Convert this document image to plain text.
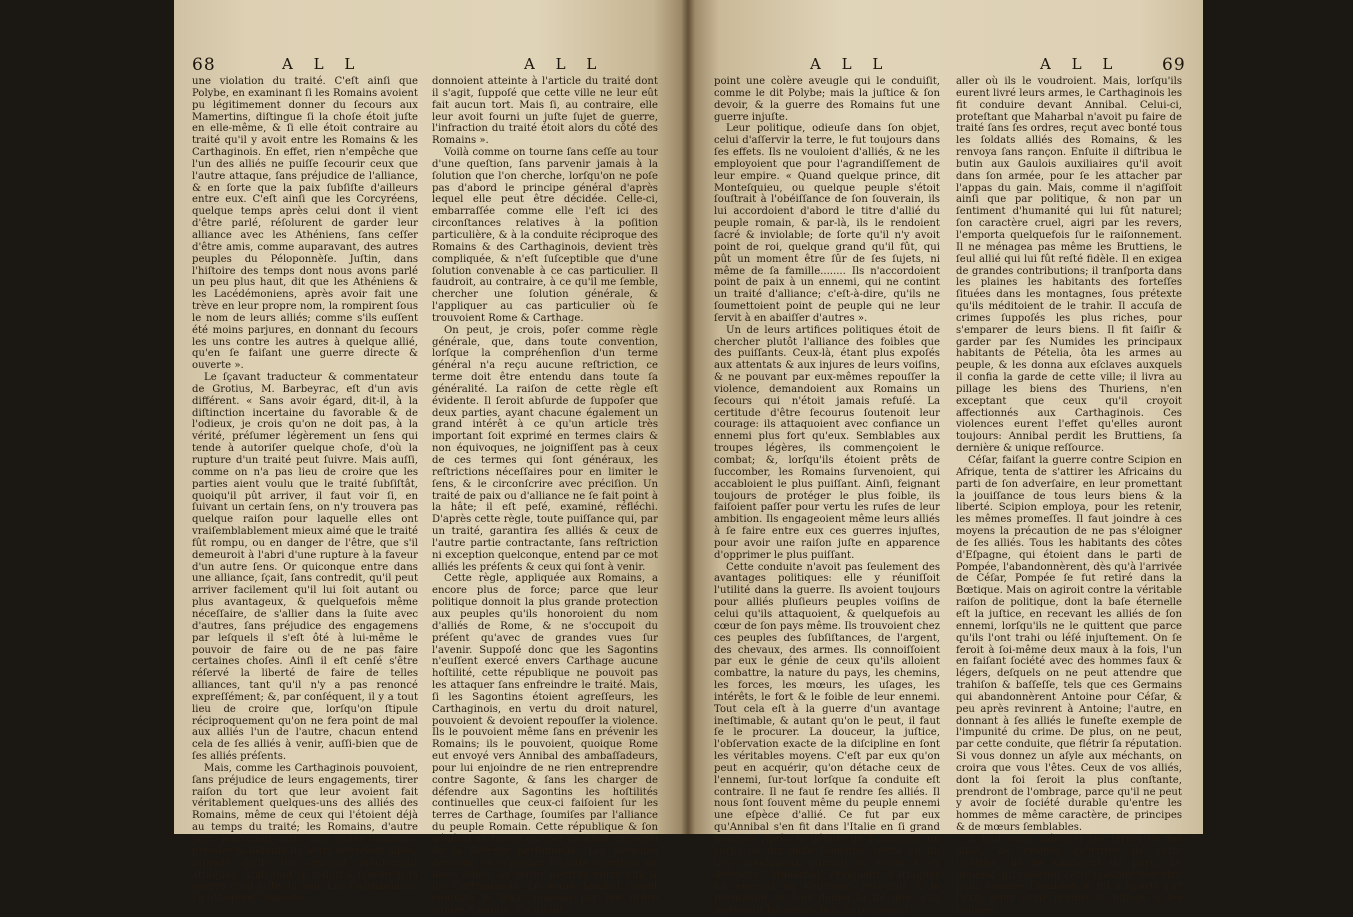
68	A L L	A L L

une violation du traité. C'eſt ainſi que Polybe, en examinant ſi les Romains avoient pu légitimement donner du ſecours aux Mamertins, diſtingue ſi la choſe étoit juſte en elle-même, & ſi elle étoit contraire au traité qu'il y avoit entre les Romains & les Carthaginois. En effet, rien n'empêche que l'un des alliés ne puiſſe ſecourir ceux que l'autre attaque, ſans préjudice de l'alliance, & en ſorte que la paix ſubſiſte d'ailleurs entre eux. C'eſt ainſi que les Corcyréens, quelque temps après celui dont il vient d'être parlé, réſolurent de garder leur alliance avec les Athéniens, ſans ceſſer d'être amis, comme auparavant, des autres peuples du Péloponnèſe. Juſtin, dans l'hiſtoire des temps dont nous avons parlé un peu plus haut, dit que les Athéniens & les Lacédémoniens, après avoir fait une trève en leur propre nom, la rompirent ſous le nom de leurs alliés; comme s'ils euſſent été moins parjures, en donnant du ſecours les uns contre les autres à quelque allié, qu'en ſe faiſant une guerre directe & ouverte ».

Le ſçavant traducteur & commentateur de Grotius, M. Barbeyrac, eſt d'un avis différent. « Sans avoir égard, dit-il, à la diſtinction incertaine du favorable & de l'odieux, je crois qu'on ne doit pas, à la vérité, préſumer légèrement un ſens qui tende à autoriſer quelque choſe, d'où la rupture d'un traité peut ſuivre. Mais auſſi, comme on n'a pas lieu de croire que les parties aient voulu que le traité ſubſiſtât, quoiqu'il pût arriver, il faut voir ſi, en ſuivant un certain ſens, on n'y trouvera pas quelque raiſon pour laquelle elles ont vraiſemblablement mieux aimé que le traité fût rompu, ou en danger de l'être, que s'il demeuroit à l'abri d'une rupture à la faveur d'un autre ſens. Or quiconque entre dans une alliance, ſçait, ſans contredit, qu'il peut arriver facilement qu'il lui ſoit autant ou plus avantageux, & quelquefois même néceſſaire, de s'allier dans la ſuite avec d'autres, ſans préjudice des engagemens par leſquels il s'eſt ôté à lui-même le pouvoir de faire ou de ne pas faire certaines choſes. Ainſi il eſt cenſé s'être réſervé la liberté de faire de telles alliances, tant qu'il n'y a pas renoncé expreſſément; &, par conſéquent, il y a tout lieu de croire que, lorſqu'on ſtipule réciproquement qu'on ne fera point de mal aux alliés l'un de l'autre, chacun entend cela de ſes alliés à venir, auſſi-bien que de ſes alliés préſents.

Mais, comme les Carthaginois pouvoient, ſans préjudice de leurs engagements, tirer raiſon du tort que leur avoient fait véritablement quelques-uns des alliés des Romains, même de ceux qui l'étoient déjà au temps du traité; les Romains, d'autre part, pouvoient auſſi, ſans violer l'alliance, prendre la défenſe de leurs nouveaux alliés, ſuppoſé qu'ils les cruſſent injuſtement attaqués. Ainſi tout ſe réduit à ſçavoir ſi la guerre étoit juſte ou non. Les Carthaginois, en attaquant Sagonte,

donnoient atteinte à l'article du traité dont il s'agit, ſuppoſé que cette ville ne leur eût fait aucun tort. Mais ſi, au contraire, elle leur avoit fourni un juſte ſujet de guerre, l'infraction du traité étoit alors du côté des Romains ».

Voilà comme on tourne ſans ceſſe au tour d'une queſtion, ſans parvenir jamais à la ſolution que l'on cherche, lorſqu'on ne poſe pas d'abord le principe général d'après lequel elle peut être décidée. Celle-ci, embarraſſée comme elle l'eſt ici des circonſtances relatives à la poſition particulière, & à la conduite réciproque des Romains & des Carthaginois, devient très compliquée, & n'eſt ſuſceptible que d'une ſolution convenable à ce cas particulier. Il faudroit, au contraire, à ce qu'il me ſemble, chercher une ſolution générale, & l'appliquer au cas particulier où ſe trouvoient Rome & Carthage.

On peut, je crois, poſer comme règle générale, que, dans toute convention, lorſque la compréhenſion d'un terme général n'a reçu aucune reſtriction, ce terme doit être entendu dans toute ſa généralité. La raiſon de cette règle eſt évidente. Il ſeroit abſurde de ſuppoſer que deux parties, ayant chacune également un grand intérêt à ce qu'un article très important ſoit exprimé en termes clairs & non équivoques, ne joigniſſent pas à ceux de ces termes qui ſont généraux, les reſtrictions néceſſaires pour en limiter le ſens, & le circonſcrire avec préciſion. Un traité de paix ou d'alliance ne ſe fait point à la hâte; il eſt peſé, examiné, réfléchi. D'après cette règle, toute puiſſance qui, par un traité, garantira ſes alliés & ceux de l'autre partie contractante, ſans reſtriction ni exception quelconque, entend par ce mot alliés les préſents & ceux qui ſont à venir.

Cette règle, appliquée aux Romains, a encore plus de force; parce que leur politique donnoit la plus grande protection aux peuples qu'ils honoroient du nom d'alliés de Rome, & ne s'occupoit du préſent qu'avec de grandes vues ſur l'avenir. Suppoſé donc que les Sagontins n'euſſent exercé envers Carthage aucune hoſtilité, cette république ne pouvoit pas les attaquer ſans enfreindre le traité. Mais, ſi les Sagontins étoient agreſſeurs, les Carthaginois, en vertu du droit naturel, pouvoient & devoient repouſſer la violence. Ils le pouvoient même ſans en prévenir les Romains; ils le pouvoient, quoique Rome eut envoyé vers Annibal des ambaſſadeurs, pour lui enjoindre de ne rien entreprendre contre Sagonte, & ſans les charger de défendre aux Sagontins les hoſtilités continuelles que ceux-ci faiſoient ſur les terres de Carthage, ſoumiſes par l'alliance du peuple Romain. Cette république & ſon général ne furent qu'uſer du droit univerſel de la défenſe perſonnelle. Les Romains devoient ou réprimer l'injuſte agreſſion de leurs alliés, ou reſter neutres entre eux & les Carthaginois. Le jeune Annibal, ayant conſulté le ſénat marcha par ſon ordre contre Sagonte. Ce ne fut

A L L	A L L 69

point une colère aveugle qui le conduiſit, comme le dit Polybe; mais la juſtice & ſon devoir, & la guerre des Romains fut une guerre injuſte.

Leur politique, odieuſe dans ſon objet, celui d'aſſervir la terre, le fut toujours dans ſes effets. Ils ne vouloient d'alliés, & ne les employoient que pour l'agrandiſſement de leur empire. « Quand quelque prince, dit Monteſquieu, ou quelque peuple s'étoit ſouſtrait à l'obéiſſance de ſon ſouverain, ils lui accordoient d'abord le titre d'allié du peuple romain, & par-là, ils le rendoient ſacré & inviolable; de ſorte qu'il n'y avoit point de roi, quelque grand qu'il fût, qui pût un moment être ſûr de ſes ſujets, ni même de ſa famille........ Ils n'accordoient point de paix à un ennemi, qui ne contint un traité d'alliance; c'eſt-à-dire, qu'ils ne ſoumettoient point de peuple qui ne leur ſervit à en abaiſſer d'autres ».

Un de leurs artifices politiques étoit de chercher plutôt l'alliance des foibles que des puiſſants. Ceux-là, étant plus expoſés aux attentats & aux injures de leurs voiſins, & ne pouvant par eux-mêmes repouſſer la violence, demandoient aux Romains un ſecours qui n'étoit jamais refuſé. La certitude d'être ſecourus ſoutenoit leur courage: ils attaquoient avec confiance un ennemi plus fort qu'eux. Semblables aux troupes légères, ils commençoient le combat; &, lorſqu'ils étoient prêts de ſuccomber, les Romains ſurvenoient, qui accabloient le plus puiſſant. Ainſi, feignant toujours de protéger le plus foible, ils faiſoient paſſer pour vertu les ruſes de leur ambition. Ils engageoient même leurs alliés à ſe faire entre eux ces guerres injuſtes, pour avoir une raiſon juſte en apparence d'opprimer le plus puiſſant.

Cette conduite n'avoit pas ſeulement des avantages politiques: elle y réuniſſoit l'utilité dans la guerre. Ils avoient toujours pour alliés pluſieurs peuples voiſins de celui qu'ils attaquoient, & quelquefois au cœur de ſon pays même. Ils trouvoient chez ces peuples des ſubſiſtances, de l'argent, des chevaux, des armes. Ils connoiſſoient par eux le génie de ceux qu'ils alloient combattre, la nature du pays, les chemins, les forces, les mœurs, les uſages, les intérêts, le fort & le foible de leur ennemi. Tout cela eſt à la guerre d'un avantage ineſtimable, & autant qu'on le peut, il faut ſe le procurer. La douceur, la juſtice, l'obſervation exacte de la diſcipline en ſont les véritables moyens. C'eſt par eux qu'on peut en acquérir, qu'on détache ceux de l'ennemi, ſur-tout lorſque ſa conduite eſt contraire. Il ne faut ſe rendre ſes alliés. Il nous ſont ſouvent même du peuple ennemi une eſpèce d'allié. Ce fut par eux qu'Annibal s'en fit dans l'Italie en ſi grand nombre. Après la défaite de Flaminius, un corps de dix mille Romains, retiré en un lieu avantageux, prenoit la réſolu à s'y défendre. Maharbal, craignant d'attaquer un ennemi au déſeſpoir, recourut à la perſuaſion, & leur donna ſa foi que, s'ils mettoient les armes bas, ils pouvoient

aller où ils le voudroient. Mais, lorſqu'ils eurent livré leurs armes, le Carthaginois les fit conduire devant Annibal. Celui-ci, proteſtant que Maharbal n'avoit pu faire de traité ſans ſes ordres, reçut avec bonté tous les ſoldats alliés des Romains, & les renvoya ſans rançon. Enſuite il diſtribua le butin aux Gaulois auxiliaires qu'il avoit dans ſon armée, pour ſe les attacher par l'appas du gain. Mais, comme il n'agiſſoit ainſi que par politique, & non par un ſentiment d'humanité qui lui fût naturel; ſon caractère cruel, aigri par les revers, l'emporta quelquefois ſur le raiſonnement. Il ne ménagea pas même les Bruttiens, le ſeul allié qui lui fût reſté fidèle. Il en exigea de grandes contributions; il tranſporta dans les plaines les habitants des forteſſes ſituées dans les montagnes, ſous prétexte qu'ils méditoient de le trahir. Il accuſa de crimes ſuppoſés les plus riches, pour s'emparer de leurs biens. Il fit ſaiſir & garder par ſes Numides les principaux habitants de Pételia, ôta les armes au peuple, & les donna aux eſclaves auxquels il confia la garde de cette ville; il livra au pillage les biens des Thuriens, n'en exceptant que ceux qu'il croyoit affectionnés aux Carthaginois. Ces violences eurent l'effet qu'elles auront toujours: Annibal perdit les Bruttiens, ſa dernière & unique reſſource.

Céſar, faiſant la guerre contre Scipion en Afrique, tenta de s'attirer les Africains du parti de ſon adverſaire, en leur promettant la jouiſſance de tous leurs biens & la liberté. Scipion employa, pour les retenir, les mêmes promeſſes. Il faut joindre à ces moyens la précaution de ne pas s'éloigner de ſes alliés. Tous les habitants des côtes d'Eſpagne, qui étoient dans le parti de Pompée, l'abandonnèrent, dès qu'à l'arrivée de Céſar, Pompée ſe fut retiré dans la Bœtique. Mais on agiroit contre la véritable raiſon de politique, dont la baſe éternelle eſt la juſtice, en recevant les alliés de ſon ennemi, lorſqu'ils ne le quittent que parce qu'ils l'ont trahi ou léſé injuſtement. On ſe feroit à ſoi-même deux maux à la fois, l'un en faiſant ſociété avec des hommes faux & légers, deſquels on ne peut attendre que trahiſon & baſſeſſe, tels que ces Germains qui abandonnèrent Antoine pour Céſar, & peu après revinrent à Antoine; l'autre, en donnant à ſes alliés le funeſte exemple de l'impunité du crime. De plus, on ne peut, par cette conduite, que flétrir ſa réputation. Si vous donnez un aſyle aux méchants, on croira que vous l'êtes. Ceux de vos alliés, dont la foi ſeroit la plus conſtante, prendront de l'ombrage, parce qu'il ne peut y avoir de ſociété durable qu'entre les hommes de même caractère, de principes & de mœurs ſemblables.

Il faut auſſi ménager les terres de ſes alliés, de crainte qu'irrités de cette injuſtice, ils ne changent de parti. Le général qui violeroit cette maxime doit être puni, comme Thimbron le fut à Sparte par l'exil, pour avoir permis le pillage à ſes troupes
